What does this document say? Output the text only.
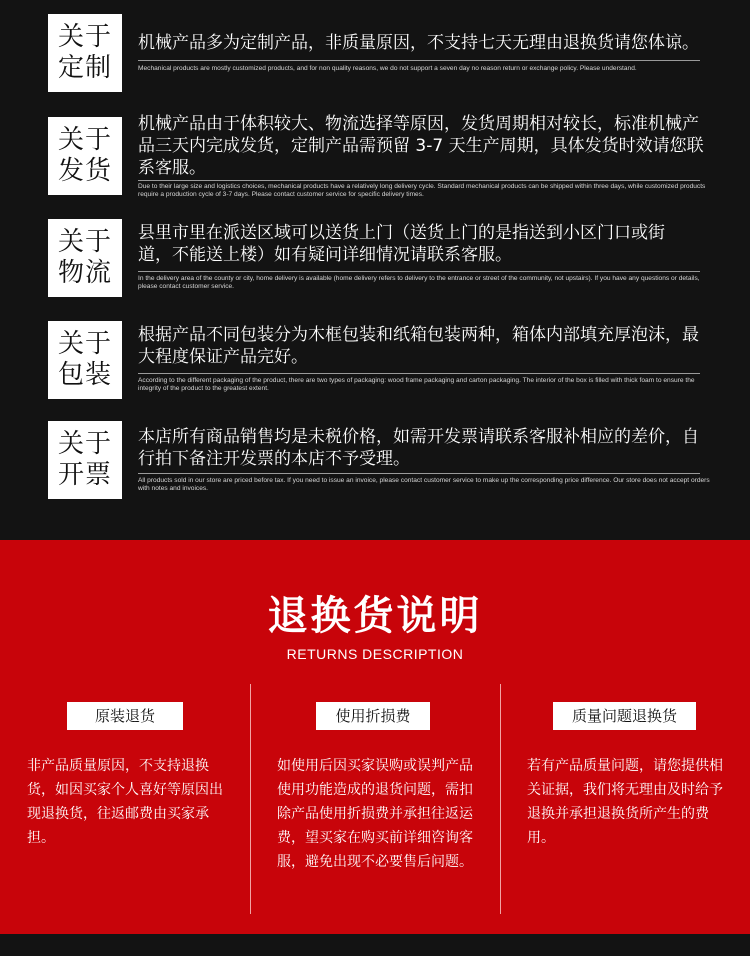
关于
定制
机械产品多为定制产品，非质量原因，不支持七天无理由退换货请您体谅。
Mechanical products are mostly customized products, and for non quality reasons, we do not support a seven day no reason return or exchange policy. Please understand.
关于
发货
机械产品由于体积较大、物流选择等原因，发货周期相对较长，标准机械产品三天内完成发货，定制产品需预留 3-7 天生产周期，具体发货时效请您联系客服。
Due to their large size and logistics choices, mechanical products have a relatively long delivery cycle. Standard mechanical products can be shipped within three days, while customized products require a production cycle of 3-7 days. Please contact customer service for specific delivery times.
关于
物流
县里市里在派送区域可以送货上门（送货上门的是指送到小区门口或街道，不能送上楼）如有疑问详细情况请联系客服。
In the delivery area of the county or city, home delivery is available (home delivery refers to delivery to the entrance or street of the community, not upstairs). If you have any questions or details, please contact customer service.
关于
包装
根据产品不同包装分为木框包装和纸箱包装两种，箱体内部填充厚泡沫，最大程度保证产品完好。
According to the different packaging of the product, there are two types of packaging: wood frame packaging and carton packaging. The interior of the box is filled with thick foam to ensure the integrity of the product to the greatest extent.
关于
开票
本店所有商品销售均是未税价格，如需开发票请联系客服补相应的差价，自行拍下备注开发票的本店不予受理。
All products sold in our store are priced before tax. If you need to issue an invoice, please contact customer service to make up the corresponding price difference. Our store does not accept orders with notes and invoices.
退换货说明
RETURNS DESCRIPTION
原装退货
非产品质量原因，不支持退换货，如因买家个人喜好等原因出现退换货，往返邮费由买家承担。
使用折损费
如使用后因买家误购或误判产品使用功能造成的退货问题，需扣除产品使用折损费并承担往返运费，望买家在购买前详细咨询客服，避免出现不必要售后问题。
质量问题退换货
若有产品质量问题，请您提供相关证据，我们将无理由及时给予退换并承担退换货所产生的费用。
